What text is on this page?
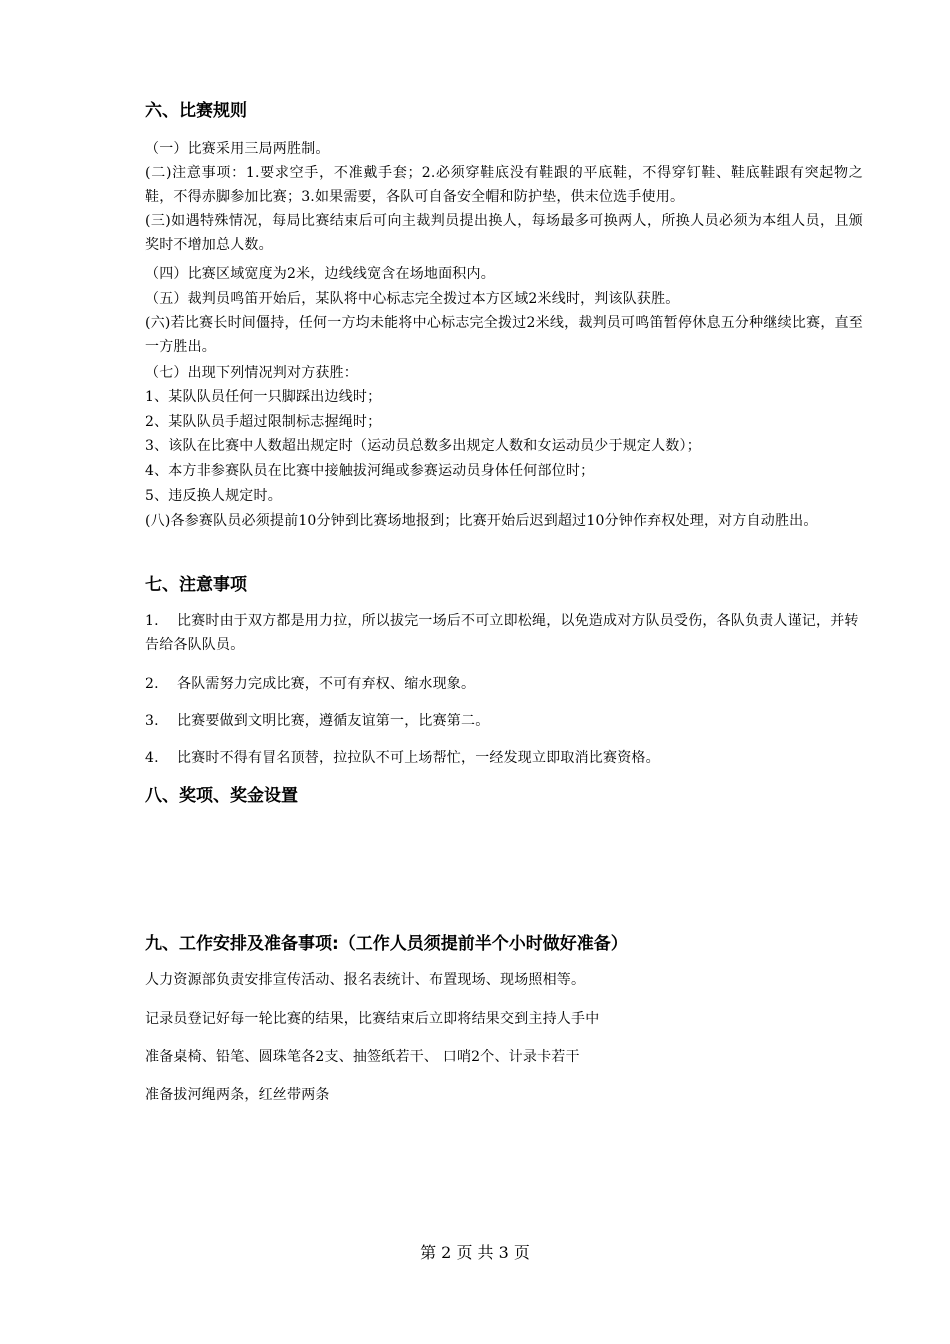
六、比赛规则
（一）比赛采用三局两胜制。
(二)注意事项：1.要求空手，不准戴手套；2.必须穿鞋底没有鞋跟的平底鞋，不得穿钉鞋、鞋底鞋跟有突起物之鞋，不得赤脚参加比赛；3.如果需要，各队可自备安全帽和防护垫，供末位选手使用。
(三)如遇特殊情况，每局比赛结束后可向主裁判员提出换人，每场最多可换两人，所换人员必须为本组人员，且颁奖时不增加总人数。
（四）比赛区域宽度为2米，边线线宽含在场地面积内。
（五）裁判员鸣笛开始后，某队将中心标志完全拨过本方区域2米线时，判该队获胜。
(六)若比赛长时间僵持，任何一方均未能将中心标志完全拨过2米线，裁判员可鸣笛暂停休息五分种继续比赛，直至一方胜出。
（七）出现下列情况判对方获胜：
1、某队队员任何一只脚踩出边线时；
2、某队队员手超过限制标志握绳时；
3、该队在比赛中人数超出规定时（运动员总数多出规定人数和女运动员少于规定人数）；
4、本方非参赛队员在比赛中接触拔河绳或参赛运动员身体任何部位时；
5、违反换人规定时。
(八)各参赛队员必须提前10分钟到比赛场地报到；比赛开始后迟到超过10分钟作弃权处理，对方自动胜出。
七、注意事项
1. 比赛时由于双方都是用力拉，所以拔完一场后不可立即松绳，以免造成对方队员受伤，各队负责人谨记，并转告给各队队员。
2. 各队需努力完成比赛，不可有弃权、缩水现象。
3. 比赛要做到文明比赛，遵循友谊第一，比赛第二。
4. 比赛时不得有冒名顶替，拉拉队不可上场帮忙，一经发现立即取消比赛资格。
八、奖项、奖金设置
九、工作安排及准备事项:（工作人员须提前半个小时做好准备）
人力资源部负责安排宣传活动、报名表统计、布置现场、现场照相等。
记录员登记好每一轮比赛的结果，比赛结束后立即将结果交到主持人手中
准备桌椅、铅笔、圆珠笔各2支、抽签纸若干、 口哨2个、计录卡若干
准备拔河绳两条，红丝带两条
第 2 页 共 3 页
